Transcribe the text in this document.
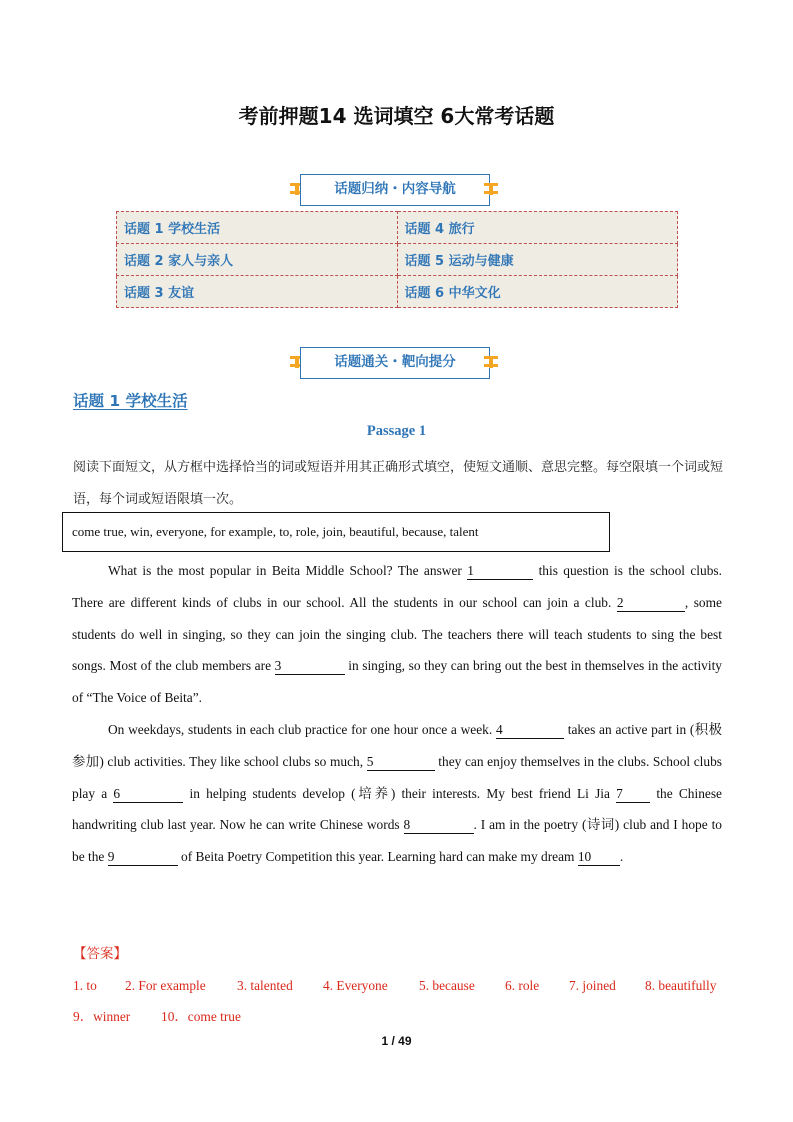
考前押题14 选词填空 6大常考话题
话题归纳・内容导航
话题 1 学校生活	话题 4 旅行
话题 2 家人与亲人	话题 5 运动与健康
话题 3 友谊	话题 6 中华文化
话题通关・靶向提分
话题 1 学校生活
Passage 1
阅读下面短文，从方框中选择恰当的词或短语并用其正确形式填空，使短文通顺、意思完整。每空限填一个词或短语，每个词或短语限填一次。
come true, win, everyone, for example, to, role, join, beautiful, because, talent

What is the most popular in Beita Middle School? The answer 1	this question is the school clubs. There are different kinds of clubs in our school. All the students in our school can join a club. 2	, some students do well in singing, so they can join the singing club. The teachers there will teach students to sing the best songs. Most of the club members are 3	in singing, so they can bring out the best in themselves in the activity of “The Voice of Beita”.

On weekdays, students in each club practice for one hour once a week. 4	takes an active part in (积极参加) club activities. They like school clubs so much, 5	they can enjoy themselves in the clubs. School clubs play a 6	in helping students develop (培养) their interests. My best friend Li Jia 7 the Chinese handwriting club last year. Now he can write Chinese words 8	. I am in the poetry (诗词) club and I hope to be the 9	of Beita Poetry Competition this year. Learning hard can make my dream 10 .

【答案】
1. to 2. For example 3. talented 4. Everyone 5. because 6. role 7. joined 8. beautifully
9．winner 10．come true
1 / 49
